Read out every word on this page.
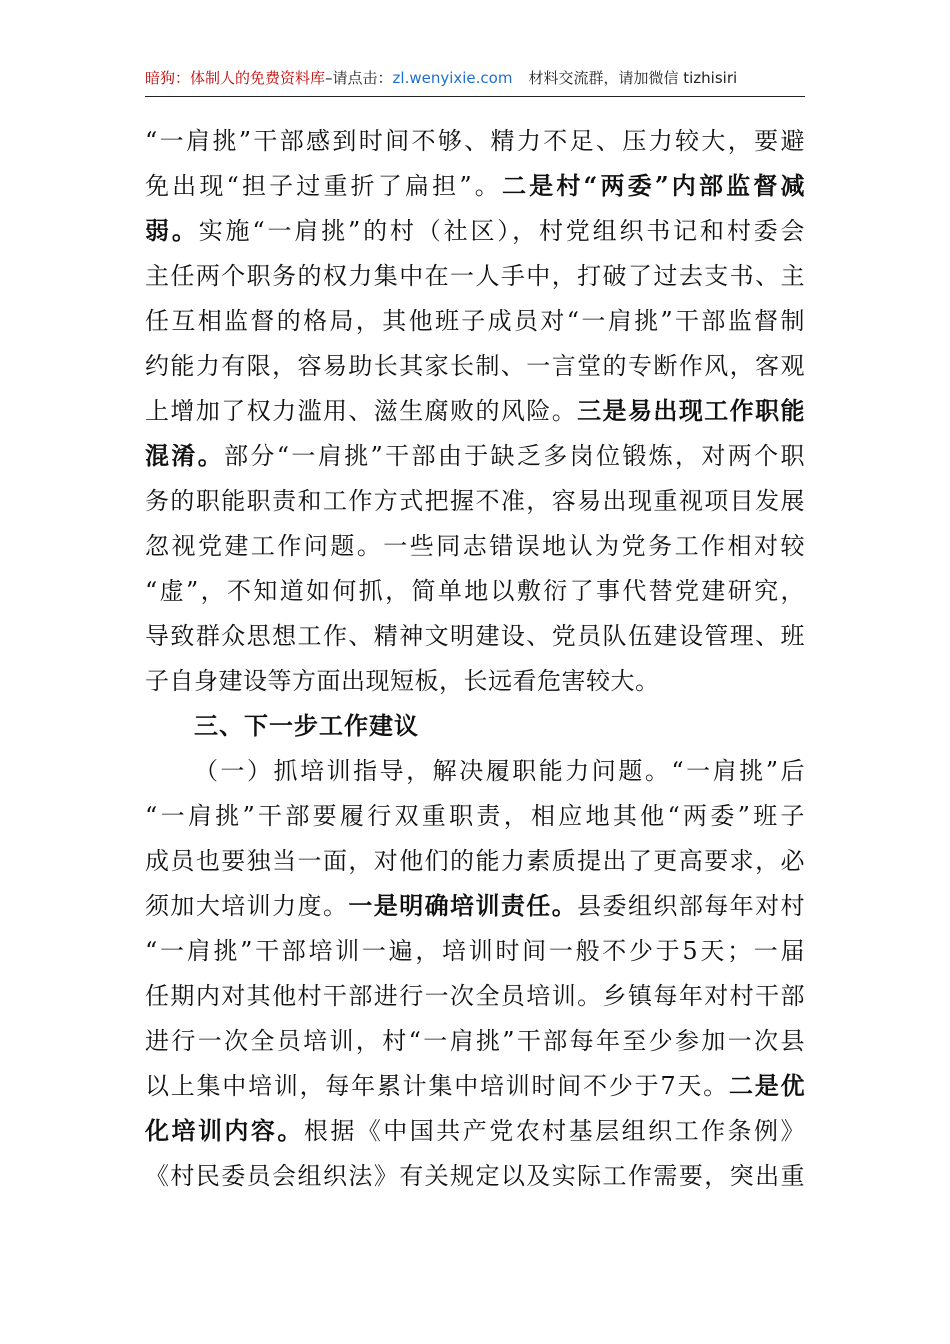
暗狗：体制人的免费资料库–请点击：zl.wenyixie.com 材料交流群，请加微信 tizhisiri
“一肩挑”干部感到时间不够、精力不足、压力较大，要避
免出现“担子过重折了扁担”。二是村“两委”内部监督减
弱。实施“一肩挑”的村（社区），村党组织书记和村委会
主任两个职务的权力集中在一人手中，打破了过去支书、主
任互相监督的格局，其他班子成员对“一肩挑”干部监督制
约能力有限，容易助长其家长制、一言堂的专断作风，客观
上增加了权力滥用、滋生腐败的风险。三是易出现工作职能
混淆。部分“一肩挑”干部由于缺乏多岗位锻炼，对两个职
务的职能职责和工作方式把握不准，容易出现重视项目发展
忽视党建工作问题。一些同志错误地认为党务工作相对较
“虚”，不知道如何抓，简单地以敷衍了事代替党建研究，
导致群众思想工作、精神文明建设、党员队伍建设管理、班
子自身建设等方面出现短板，长远看危害较大。
三、下一步工作建议
（一）抓培训指导，解决履职能力问题。“一肩挑”后
“一肩挑”干部要履行双重职责，相应地其他“两委”班子
成员也要独当一面，对他们的能力素质提出了更高要求，必
须加大培训力度。一是明确培训责任。县委组织部每年对村
“一肩挑”干部培训一遍，培训时间一般不少于5天；一届
任期内对其他村干部进行一次全员培训。乡镇每年对村干部
进行一次全员培训，村“一肩挑”干部每年至少参加一次县
以上集中培训，每年累计集中培训时间不少于7天。二是优
化培训内容。根据《中国共产党农村基层组织工作条例》
《村民委员会组织法》有关规定以及实际工作需要，突出重
